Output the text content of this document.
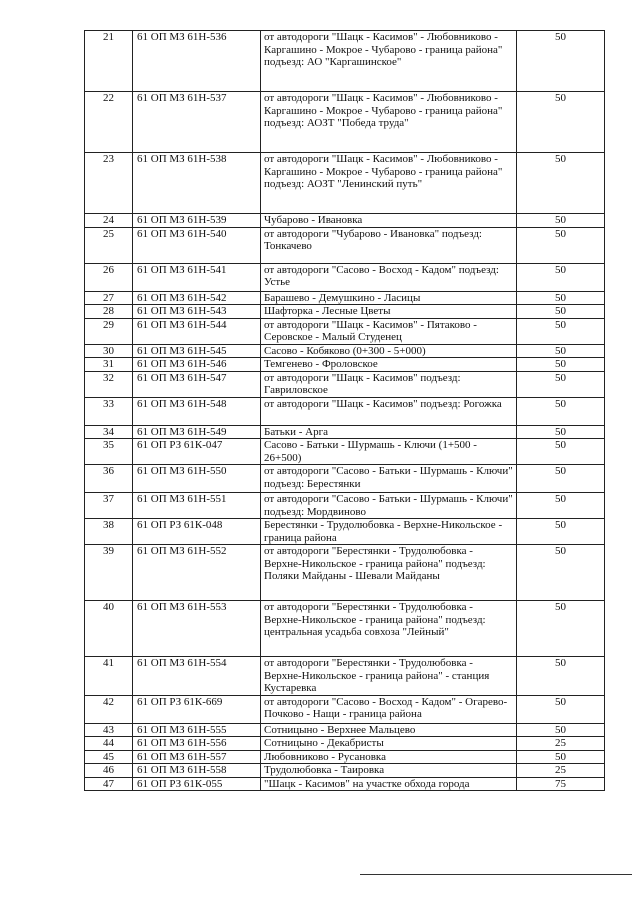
21	61 ОП МЗ 61Н-536	от автодороги "Шацк - Касимов" - Любовниково - Каргашино - Мокрое - Чубарово - граница района" подъезд: АО "Каргашинское"	50
22	61 ОП МЗ 61Н-537	от автодороги "Шацк - Касимов" - Любовниково - Каргашино - Мокрое - Чубарово - граница района" подъезд: АОЗТ "Победа труда"	50
23	61 ОП МЗ 61Н-538	от автодороги "Шацк - Касимов" - Любовниково - Каргашино - Мокрое - Чубарово - граница района" подъезд: АОЗТ "Ленинский путь"	50
24	61 ОП МЗ 61Н-539	Чубарово - Ивановка	50
25	61 ОП МЗ 61Н-540	от автодороги "Чубарово - Ивановка" подъезд: Тонкачево	50
26	61 ОП МЗ 61Н-541	от автодороги "Сасово - Восход - Кадом" подъезд: Устье	50
27	61 ОП МЗ 61Н-542	Барашево - Демушкино - Ласицы	50
28	61 ОП МЗ 61Н-543	Шафторка - Лесные Цветы	50
29	61 ОП МЗ 61Н-544	от автодороги "Шацк - Касимов" - Пятаково - Серовское - Малый Студенец	50
30	61 ОП МЗ 61Н-545	Сасово - Кобяково (0+300 - 5+000)	50
31	61 ОП МЗ 61Н-546	Темгенево - Фроловское	50
32	61 ОП МЗ 61Н-547	от автодороги "Шацк - Касимов" подъезд: Гавриловское	50
33	61 ОП МЗ 61Н-548	от автодороги "Шацк - Касимов" подъезд: Рогожка	50
34	61 ОП МЗ 61Н-549	Батьки - Арга	50
35	61 ОП РЗ 61К-047	Сасово - Батьки - Шурмашь - Ключи (1+500 - 26+500)	50
36	61 ОП МЗ 61Н-550	от автодороги "Сасово - Батьки - Шурмашь - Ключи" подъезд: Берестянки	50
37	61 ОП МЗ 61Н-551	от автодороги "Сасово - Батьки - Шурмашь - Ключи" подъезд: Мордвиново	50
38	61 ОП РЗ 61К-048	Берестянки - Трудолюбовка - Верхне-Никольское - граница района	50
39	61 ОП МЗ 61Н-552	от автодороги "Берестянки - Трудолюбовка - Верхне-Никольское - граница района" подъезд: Поляки Майданы - Шевали Майданы	50
40	61 ОП МЗ 61Н-553	от автодороги "Берестянки - Трудолюбовка - Верхне-Никольское - граница района" подъезд: центральная усадьба совхоза "Лейный"	50
41	61 ОП МЗ 61Н-554	от автодороги "Берестянки - Трудолюбовка - Верхне-Никольское - граница района" - станция Кустаревка	50
42	61 ОП РЗ 61К-669	от автодороги "Сасово - Восход - Кадом" - Огарево-Почково - Нащи - граница района	50
43	61 ОП МЗ 61Н-555	Сотницыно - Верхнее Мальцево	50
44	61 ОП МЗ 61Н-556	Сотницыно - Декабристы	25
45	61 ОП МЗ 61Н-557	Любовниково - Русановка	50
46	61 ОП МЗ 61Н-558	Трудолюбовка - Таировка	25
47	61 ОП РЗ 61К-055	"Шацк - Касимов" на участке обхода города	75
